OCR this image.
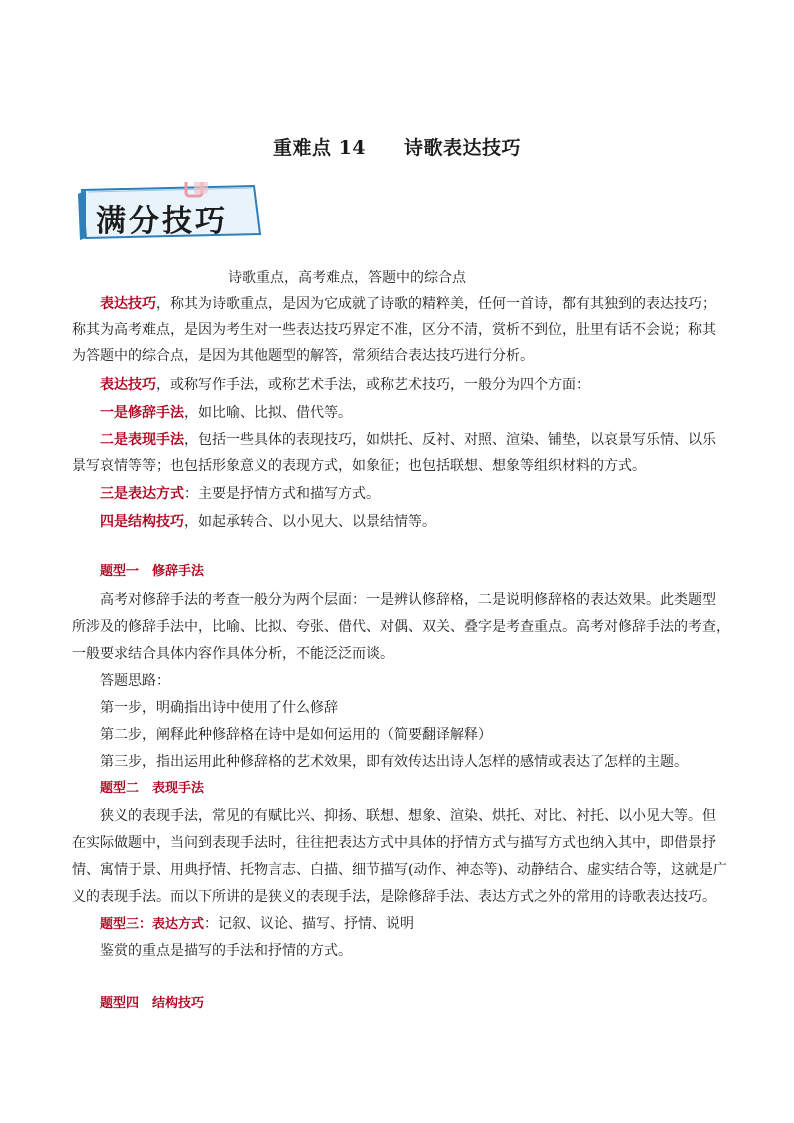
重难点 14 诗歌表达技巧
满分技巧
诗歌重点，高考难点，答题中的综合点
表达技巧，称其为诗歌重点，是因为它成就了诗歌的精粹美，任何一首诗，都有其独到的表达技巧；
称其为高考难点，是因为考生对一些表达技巧界定不准，区分不清，赏析不到位，肚里有话不会说；称其
为答题中的综合点，是因为其他题型的解答，常须结合表达技巧进行分析。
表达技巧，或称写作手法，或称艺术手法，或称艺术技巧，一般分为四个方面：
一是修辞手法，如比喻、比拟、借代等。
二是表现手法，包括一些具体的表现技巧，如烘托、反衬、对照、渲染、铺垫，以哀景写乐情、以乐
景写哀情等等；也包括形象意义的表现方式，如象征；也包括联想、想象等组织材料的方式。
三是表达方式：主要是抒情方式和描写方式。
四是结构技巧，如起承转合、以小见大、以景结情等。
题型一　修辞手法
高考对修辞手法的考查一般分为两个层面：一是辨认修辞格，二是说明修辞格的表达效果。此类题型
所涉及的修辞手法中，比喻、比拟、夸张、借代、对偶、双关、叠字是考查重点。高考对修辞手法的考查，
一般要求结合具体内容作具体分析，不能泛泛而谈。
答题思路：
第一步，明确指出诗中使用了什么修辞
第二步，阐释此种修辞格在诗中是如何运用的（简要翻译解释）
第三步，指出运用此种修辞格的艺术效果，即有效传达出诗人怎样的感情或表达了怎样的主题。
题型二　表现手法
狭义的表现手法，常见的有赋比兴、抑扬、联想、想象、渲染、烘托、对比、衬托、以小见大等。但
在实际做题中，当问到表现手法时，往往把表达方式中具体的抒情方式与描写方式也纳入其中，即借景抒
情、寓情于景、用典抒情、托物言志、白描、细节描写(动作、神态等)、动静结合、虚实结合等，这就是广
义的表现手法。而以下所讲的是狭义的表现手法，是除修辞手法、表达方式之外的常用的诗歌表达技巧。
题型三：表达方式：记叙、议论、描写、抒情、说明
鉴赏的重点是描写的手法和抒情的方式。
题型四　结构技巧
